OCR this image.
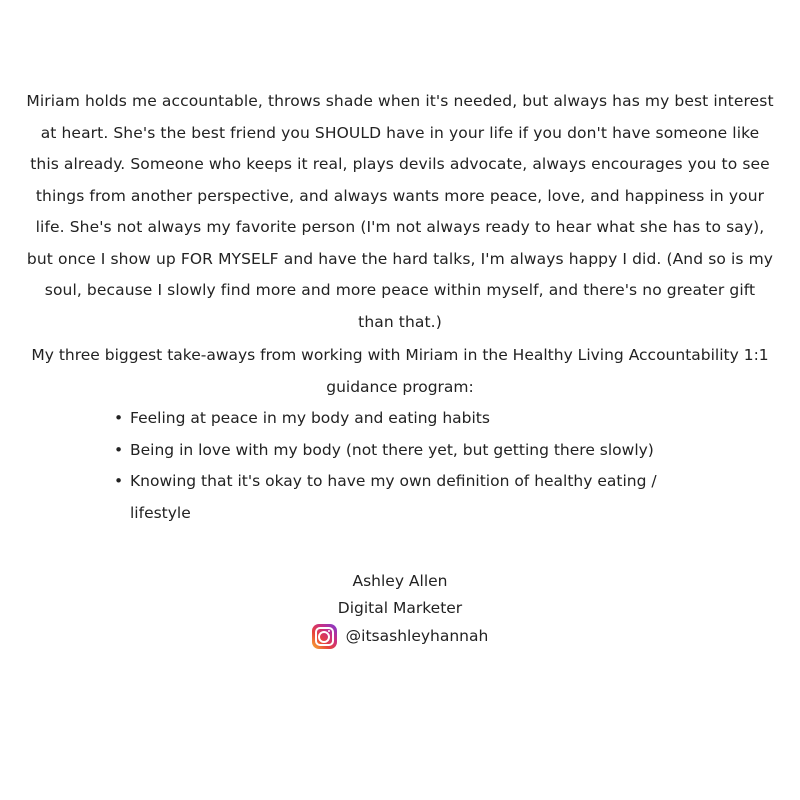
Miriam holds me accountable, throws shade when it's needed, but always has my best interest at heart. She's the best friend you SHOULD have in your life if you don't have someone like this already. Someone who keeps it real, plays devils advocate, always encourages you to see things from another perspective, and always wants more peace, love, and happiness in your life. She's not always my favorite person (I'm not always ready to hear what she has to say), but once I show up FOR MYSELF and have the hard talks, I'm always happy I did. (And so is my soul, because I slowly find more and more peace within myself, and there's no greater gift than that.)

My three biggest take-aways from working with Miriam in the Healthy Living Accountability 1:1 guidance program:

• Feeling at peace in my body and eating habits
• Being in love with my body (not there yet, but getting there slowly)
• Knowing that it's okay to have my own definition of healthy eating / lifestyle
Ashley Allen
Digital Marketer
@itsashleyhannah
